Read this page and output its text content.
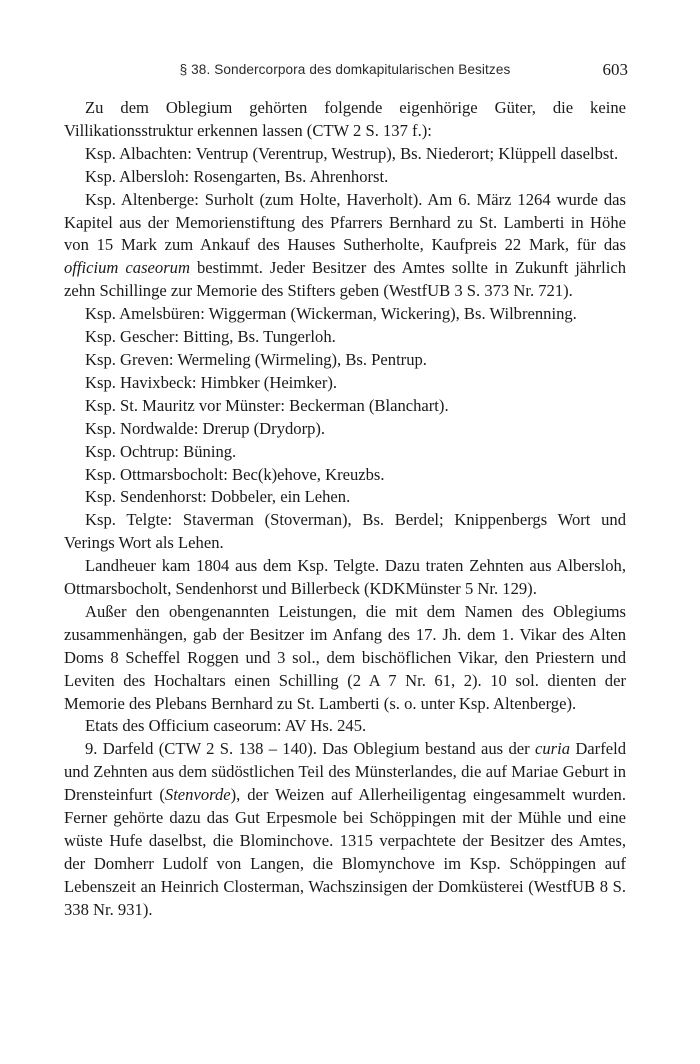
§ 38. Sondercorpora des domkapitularischen Besitzes	603

Zu dem Oblegium gehörten folgende eigenhörige Güter, die keine Villikationsstruktur erkennen lassen (CTW 2 S. 137 f.):

Ksp. Albachten: Ventrup (Verentrup, Westrup), Bs. Niederort; Klüppell daselbst.

Ksp. Albersloh: Rosengarten, Bs. Ahrenhorst.

Ksp. Altenberge: Surholt (zum Holte, Haverholt). Am 6. März 1264 wurde das Kapitel aus der Memorienstiftung des Pfarrers Bernhard zu St. Lamberti in Höhe von 15 Mark zum Ankauf des Hauses Sutherholte, Kaufpreis 22 Mark, für das officium caseorum bestimmt. Jeder Besitzer des Amtes sollte in Zukunft jährlich zehn Schillinge zur Memorie des Stifters geben (WestfUB 3 S. 373 Nr. 721).

Ksp. Amelsbüren: Wiggerman (Wickerman, Wickering), Bs. Wilbrenning.

Ksp. Gescher: Bitting, Bs. Tungerloh.

Ksp. Greven: Wermeling (Wirmeling), Bs. Pentrup.

Ksp. Havixbeck: Himbker (Heimker).

Ksp. St. Mauritz vor Münster: Beckerman (Blanchart).

Ksp. Nordwalde: Drerup (Drydorp).

Ksp. Ochtrup: Büning.

Ksp. Ottmarsbocholt: Bec(k)ehove, Kreuzbs.

Ksp. Sendenhorst: Dobbeler, ein Lehen.

Ksp. Telgte: Staverman (Stoverman), Bs. Berdel; Knippenbergs Wort und Verings Wort als Lehen.

Landheuer kam 1804 aus dem Ksp. Telgte. Dazu traten Zehnten aus Albersloh, Ottmarsbocholt, Sendenhorst und Billerbeck (KDKMünster 5 Nr. 129).

Außer den obengenannten Leistungen, die mit dem Namen des Oblegiums zusammenhängen, gab der Besitzer im Anfang des 17. Jh. dem 1. Vikar des Alten Doms 8 Scheffel Roggen und 3 sol., dem bischöflichen Vikar, den Priestern und Leviten des Hochaltars einen Schilling (2 A 7 Nr. 61, 2). 10 sol. dienten der Memorie des Plebans Bernhard zu St. Lamberti (s. o. unter Ksp. Altenberge).

Etats des Officium caseorum: AV Hs. 245.

9. Darfeld (CTW 2 S. 138 – 140). Das Oblegium bestand aus der curia Darfeld und Zehnten aus dem südöstlichen Teil des Münsterlandes, die auf Mariae Geburt in Drensteinfurt (Stenvorde), der Weizen auf Allerheiligentag eingesammelt wurden. Ferner gehörte dazu das Gut Erpesmole bei Schöppingen mit der Mühle und eine wüste Hufe daselbst, die Blominchove. 1315 verpachtete der Besitzer des Amtes, der Domherr Ludolf von Langen, die Blomynchove im Ksp. Schöppingen auf Lebenszeit an Heinrich Closterman, Wachszinsigen der Domküsterei (WestfUB 8 S. 338 Nr. 931).
